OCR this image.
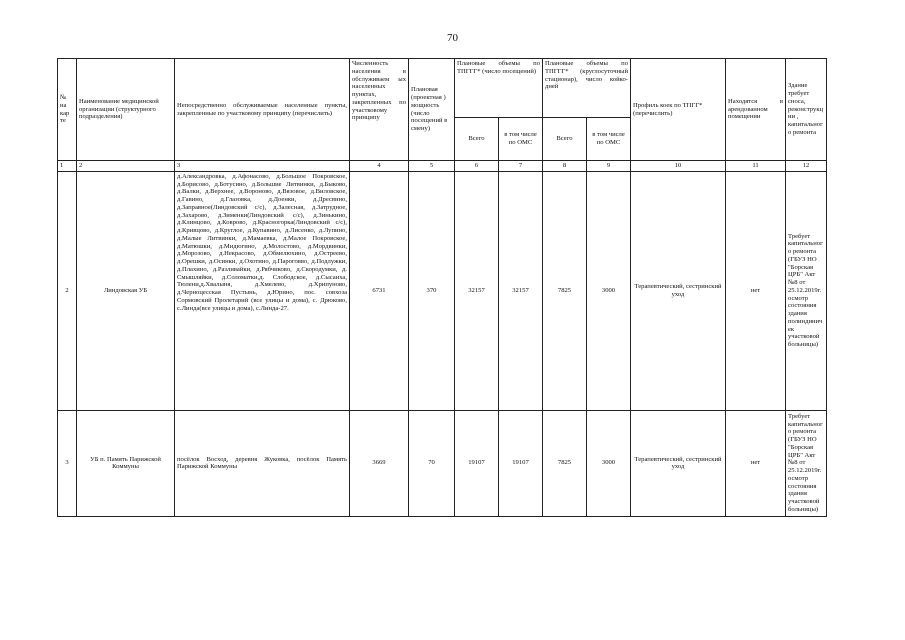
70
№ на кар те	Наименование медицинской организации (структурного подразделения)	Непосредственно обслуживаемые населенные пункты, закрепленные по участковому принципу (перечислить)	Численность населения в обслуживаем ых населенных пунктах, закрепленных по участковому принципу	Плановая (проектная ) мощность (число посещений в смену)	Плановые объемы по ТПГГГ* (число посещений)		Плановые объемы по ТПГГГ* (круглосуточный стационар), число койко-дней		Профиль коек по ТПГГ* (перечислить)	Находятся в арендованном помещении	Здание требует сноса, реконструкции , капитального ремонта
					Всего	в том числе по ОМС	Всего	в том числе по ОМС			
1	2	3	4	5	6	7	8	9	10	11	12
2	Линдовская УБ	д.Александровка, д.Афонасово, д.Большое Покровское, д.Борисово, д.Ботусино, д.Большие Литвинки, д.Быково, д.Валки, д.Верхнее, д.Вороново, д.Вязовое, д.Виловское, д.Гавино, д.Глазовка, д.Доенки, д.Дресвино, д.Заправное(Линдовский с/с), д.Залесная, д.Затрудное, д.Захарово, д.Зименки(Линдовский с/с), д.Зинькино, д.Клинцово, д.Коврово, д.Красногорка(Линдовский с/с), д.Кривцово, д.Круглое, д.Купавино, д.Лисенко, д.Лупино, д.Малые Литвинки, д.Мамаевка, д.Малое Покровское, д.Матюшки, д.Мидюгино, д.Молостово, д.Мордвинки, д.Морозово, д.Некрасово, д.Обмелюхино, д.Остреево, д.Орешки, д.Осинки, д.Охотино, д.Пароговво, д.Подлужки, д.Плахино, д.Разливайки, д.Рябчиково, д.Скородумки, д. Смышляйки, д.Соломатки,д. Слободское, д.Сысаиха, Тюлени,д.Хвалыня, д.Хмелево, д.Хрипуново, д.Черноцесская Пустынь, д.Юрино, пос. совхоза Сормовский Пролетарий (все улицы и дома), с. Дрюково, с.Линда(все улицы и дома), с.Линда-27.	6731	370	32157	32157	7825	3000	Терапевтический, сестринский уход	нет	Требует капитального ремонта (ГБУЗ НО "Борская ЦРБ" Акт №8 от 25.12.2019г. осмотр состояния здания полиндиничек участковой больницы)
3	УБ п. Память Парижской Коммуны	посёлок Восход, деревня Жуковка, посёлок Память Парижской Коммуны	3669	70	19107	19107	7825	3000	Терапевтический, сестринский уход	нет	Требует капитального ремонта (ГБУЗ НО "Борская ЦРБ" Акт №8 от 25.12.2019г. осмотр состояния здания участковой больницы)
